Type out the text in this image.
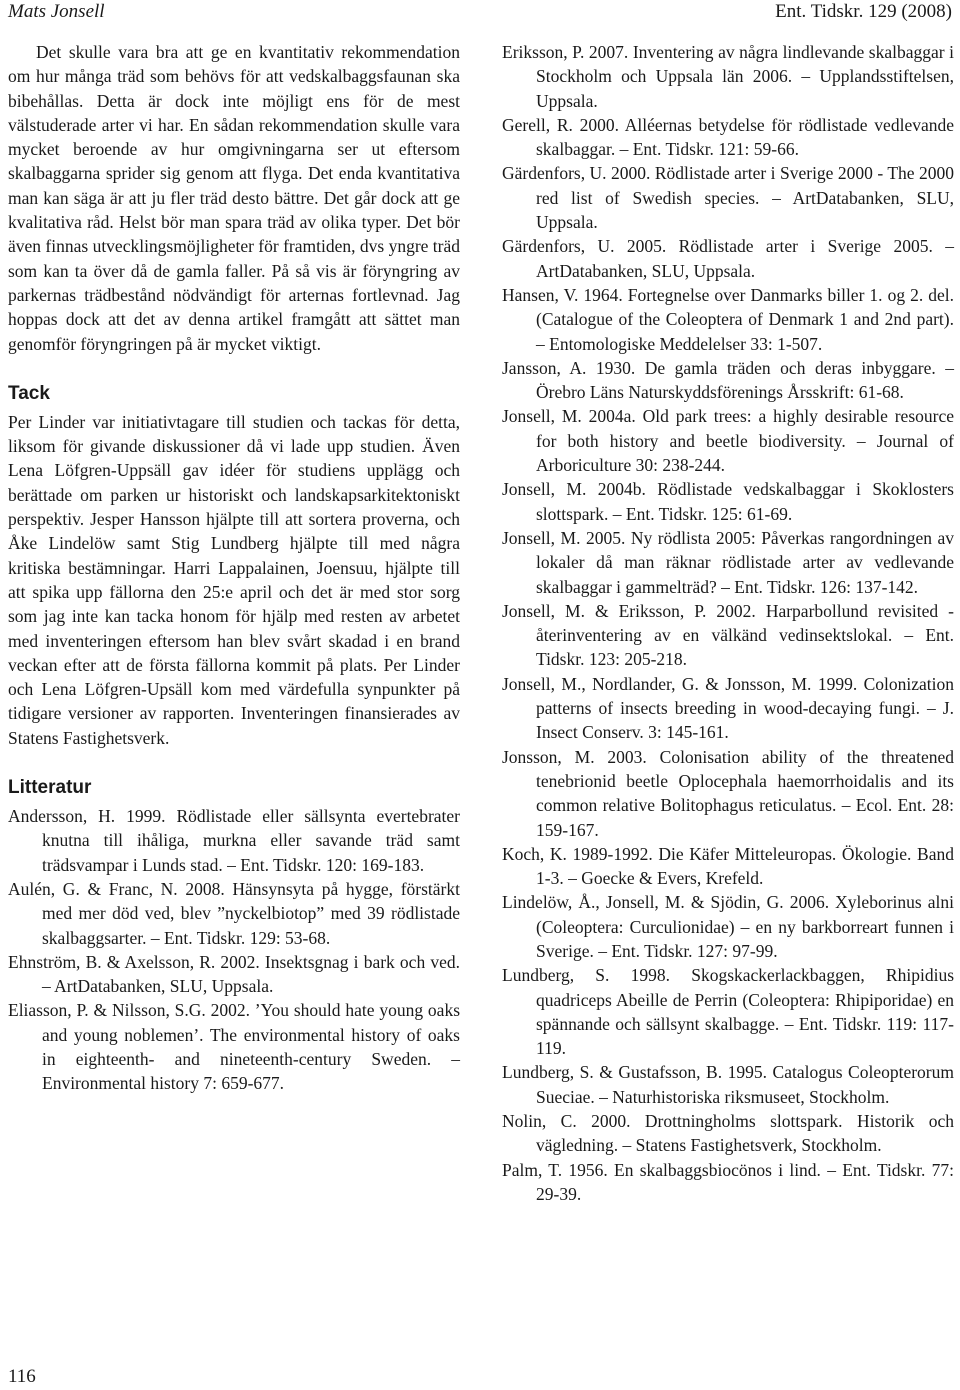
Mats Jonsell	Ent. Tidskr. 129 (2008)

Det skulle vara bra att ge en kvantitativ rekommendation om hur många träd som behövs för att vedskalbaggsfaunan ska bibehållas. Detta är dock inte möjligt ens för de mest välstuderade arter vi har. En sådan rekommendation skulle vara mycket beroende av hur omgivningarna ser ut eftersom skalbaggarna sprider sig genom att flyga. Det enda kvantitativa man kan säga är att ju fler träd desto bättre. Det går dock att ge kvalitativa råd. Helst bör man spara träd av olika typer. Det bör även finnas utvecklingsmöjligheter för framtiden, dvs yngre träd som kan ta över då de gamla faller. På så vis är föryngring av parkernas trädbestånd nödvändigt för arternas fortlevnad. Jag hoppas dock att det av denna artikel framgått att sättet man genomför föryngringen på är mycket viktigt.

Tack

Per Linder var initiativtagare till studien och tackas för detta, liksom för givande diskussioner då vi lade upp studien. Även Lena Löfgren-Uppsäll gav idéer för studiens upplägg och berättade om parken ur historiskt och landskapsarkitektoniskt perspektiv. Jesper Hansson hjälpte till att sortera proverna, och Åke Lindelöw samt Stig Lundberg hjälpte till med några kritiska bestämningar. Harri Lappalainen, Joensuu, hjälpte till att spika upp fällorna den 25:e april och det är med stor sorg som jag inte kan tacka honom för hjälp med resten av arbetet med inventeringen eftersom han blev svårt skadad i en brand veckan efter att de första fällorna kommit på plats. Per Linder och Lena Löfgren-Upsäll kom med värdefulla synpunkter på tidigare versioner av rapporten. Inventeringen finansierades av Statens Fastighetsverk.

Litteratur

Andersson, H. 1999. Rödlistade eller sällsynta evertebrater knutna till ihåliga, murkna eller savande träd samt trädsvampar i Lunds stad. – Ent. Tidskr. 120: 169-183.

Aulén, G. & Franc, N. 2008. Hänsynsyta på hygge, förstärkt med mer död ved, blev ”nyckelbiotop” med 39 rödlistade skalbaggsarter. – Ent. Tidskr. 129: 53-68.

Ehnström, B. & Axelsson, R. 2002. Insektsgnag i bark och ved. – ArtDatabanken, SLU, Uppsala.

Eliasson, P. & Nilsson, S.G. 2002. ’You should hate young oaks and young noblemen’. The environmental history of oaks in eighteenth- and nineteenth-century Sweden. – Environmental history 7: 659-677.

Eriksson, P. 2007. Inventering av några lindlevande skalbaggar i Stockholm och Uppsala län 2006. – Upplandsstiftelsen, Uppsala.

Gerell, R. 2000. Alléernas betydelse för rödlistade vedlevande skalbaggar. – Ent. Tidskr. 121: 59-66.

Gärdenfors, U. 2000. Rödlistade arter i Sverige 2000 - The 2000 red list of Swedish species. – ArtDatabanken, SLU, Uppsala.

Gärdenfors, U. 2005. Rödlistade arter i Sverige 2005. – ArtDatabanken, SLU, Uppsala.

Hansen, V. 1964. Fortegnelse over Danmarks biller 1. og 2. del. (Catalogue of the Coleoptera of Denmark 1 and 2nd part). – Entomologiske Meddelelser 33: 1-507.

Jansson, A. 1930. De gamla träden och deras inbyggare. – Örebro Läns Naturskyddsförenings Årsskrift: 61-68.

Jonsell, M. 2004a. Old park trees: a highly desirable resource for both history and beetle biodiversity. – Journal of Arboriculture 30: 238-244.

Jonsell, M. 2004b. Rödlistade vedskalbaggar i Skoklosters slottspark. – Ent. Tidskr. 125: 61-69.

Jonsell, M. 2005. Ny rödlista 2005: Påverkas rangordningen av lokaler då man räknar rödlistade arter av vedlevande skalbaggar i gammelträd? – Ent. Tidskr. 126: 137-142.

Jonsell, M. & Eriksson, P. 2002. Harparbollund revisited - återinventering av en välkänd vedinsektslokal. – Ent. Tidskr. 123: 205-218.

Jonsell, M., Nordlander, G. & Jonsson, M. 1999. Colonization patterns of insects breeding in wood-decaying fungi. – J. Insect Conserv. 3: 145-161.

Jonsson, M. 2003. Colonisation ability of the threatened tenebrionid beetle Oplocephala haemorrhoidalis and its common relative Bolitophagus reticulatus. – Ecol. Ent. 28: 159-167.

Koch, K. 1989-1992. Die Käfer Mitteleuropas. Ökologie. Band 1-3. – Goecke & Evers, Krefeld.

Lindelöw, Å., Jonsell, M. & Sjödin, G. 2006. Xyleborinus alni (Coleoptera: Curculionidae) – en ny barkborreart funnen i Sverige. – Ent. Tidskr. 127: 97-99.

Lundberg, S. 1998. Skogskackerlackbaggen, Rhipidius quadriceps Abeille de Perrin (Coleoptera: Rhipiporidae) en spännande och sällsynt skalbagge. – Ent. Tidskr. 119: 117-119.

Lundberg, S. & Gustafsson, B. 1995. Catalogus Coleopterorum Sueciae. – Naturhistoriska riksmuseet, Stockholm.

Nolin, C. 2000. Drottningholms slottspark. Historik och vägledning. – Statens Fastighetsverk, Stockholm.

Palm, T. 1956. En skalbaggsbiocönos i lind. – Ent. Tidskr. 77: 29-39.

116
